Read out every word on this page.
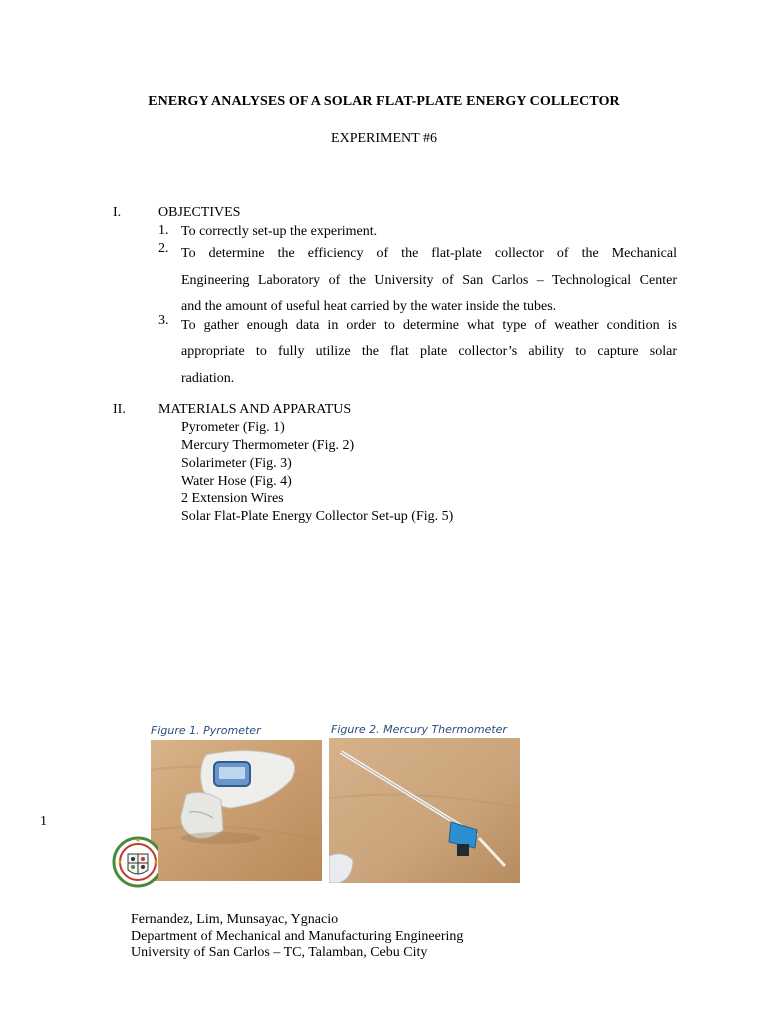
ENERGY ANALYSES OF A SOLAR FLAT-PLATE ENERGY COLLECTOR
EXPERIMENT #6
I.	OBJECTIVES
1. To correctly set-up the experiment.
2. To determine the efficiency of the flat-plate collector of the Mechanical
Engineering Laboratory of the University of San Carlos – Technological Center
and the amount of useful heat carried by the water inside the tubes.
3. To gather enough data in order to determine what type of weather condition is
appropriate to fully utilize the flat plate collector’s ability to capture solar
radiation.
II. MATERIALS AND APPARATUS
Pyrometer (Fig. 1)
Mercury Thermometer (Fig. 2)
Solarimeter (Fig. 3)
Water Hose (Fig. 4)
2 Extension Wires
Solar Flat-Plate Energy Collector Set-up (Fig. 5)
Figure 1. Pyrometer	Figure 2. Mercury Thermometer
1
Fernandez, Lim, Munsayac, Ygnacio
Department of Mechanical and Manufacturing Engineering
University of San Carlos – TC, Talamban, Cebu City
